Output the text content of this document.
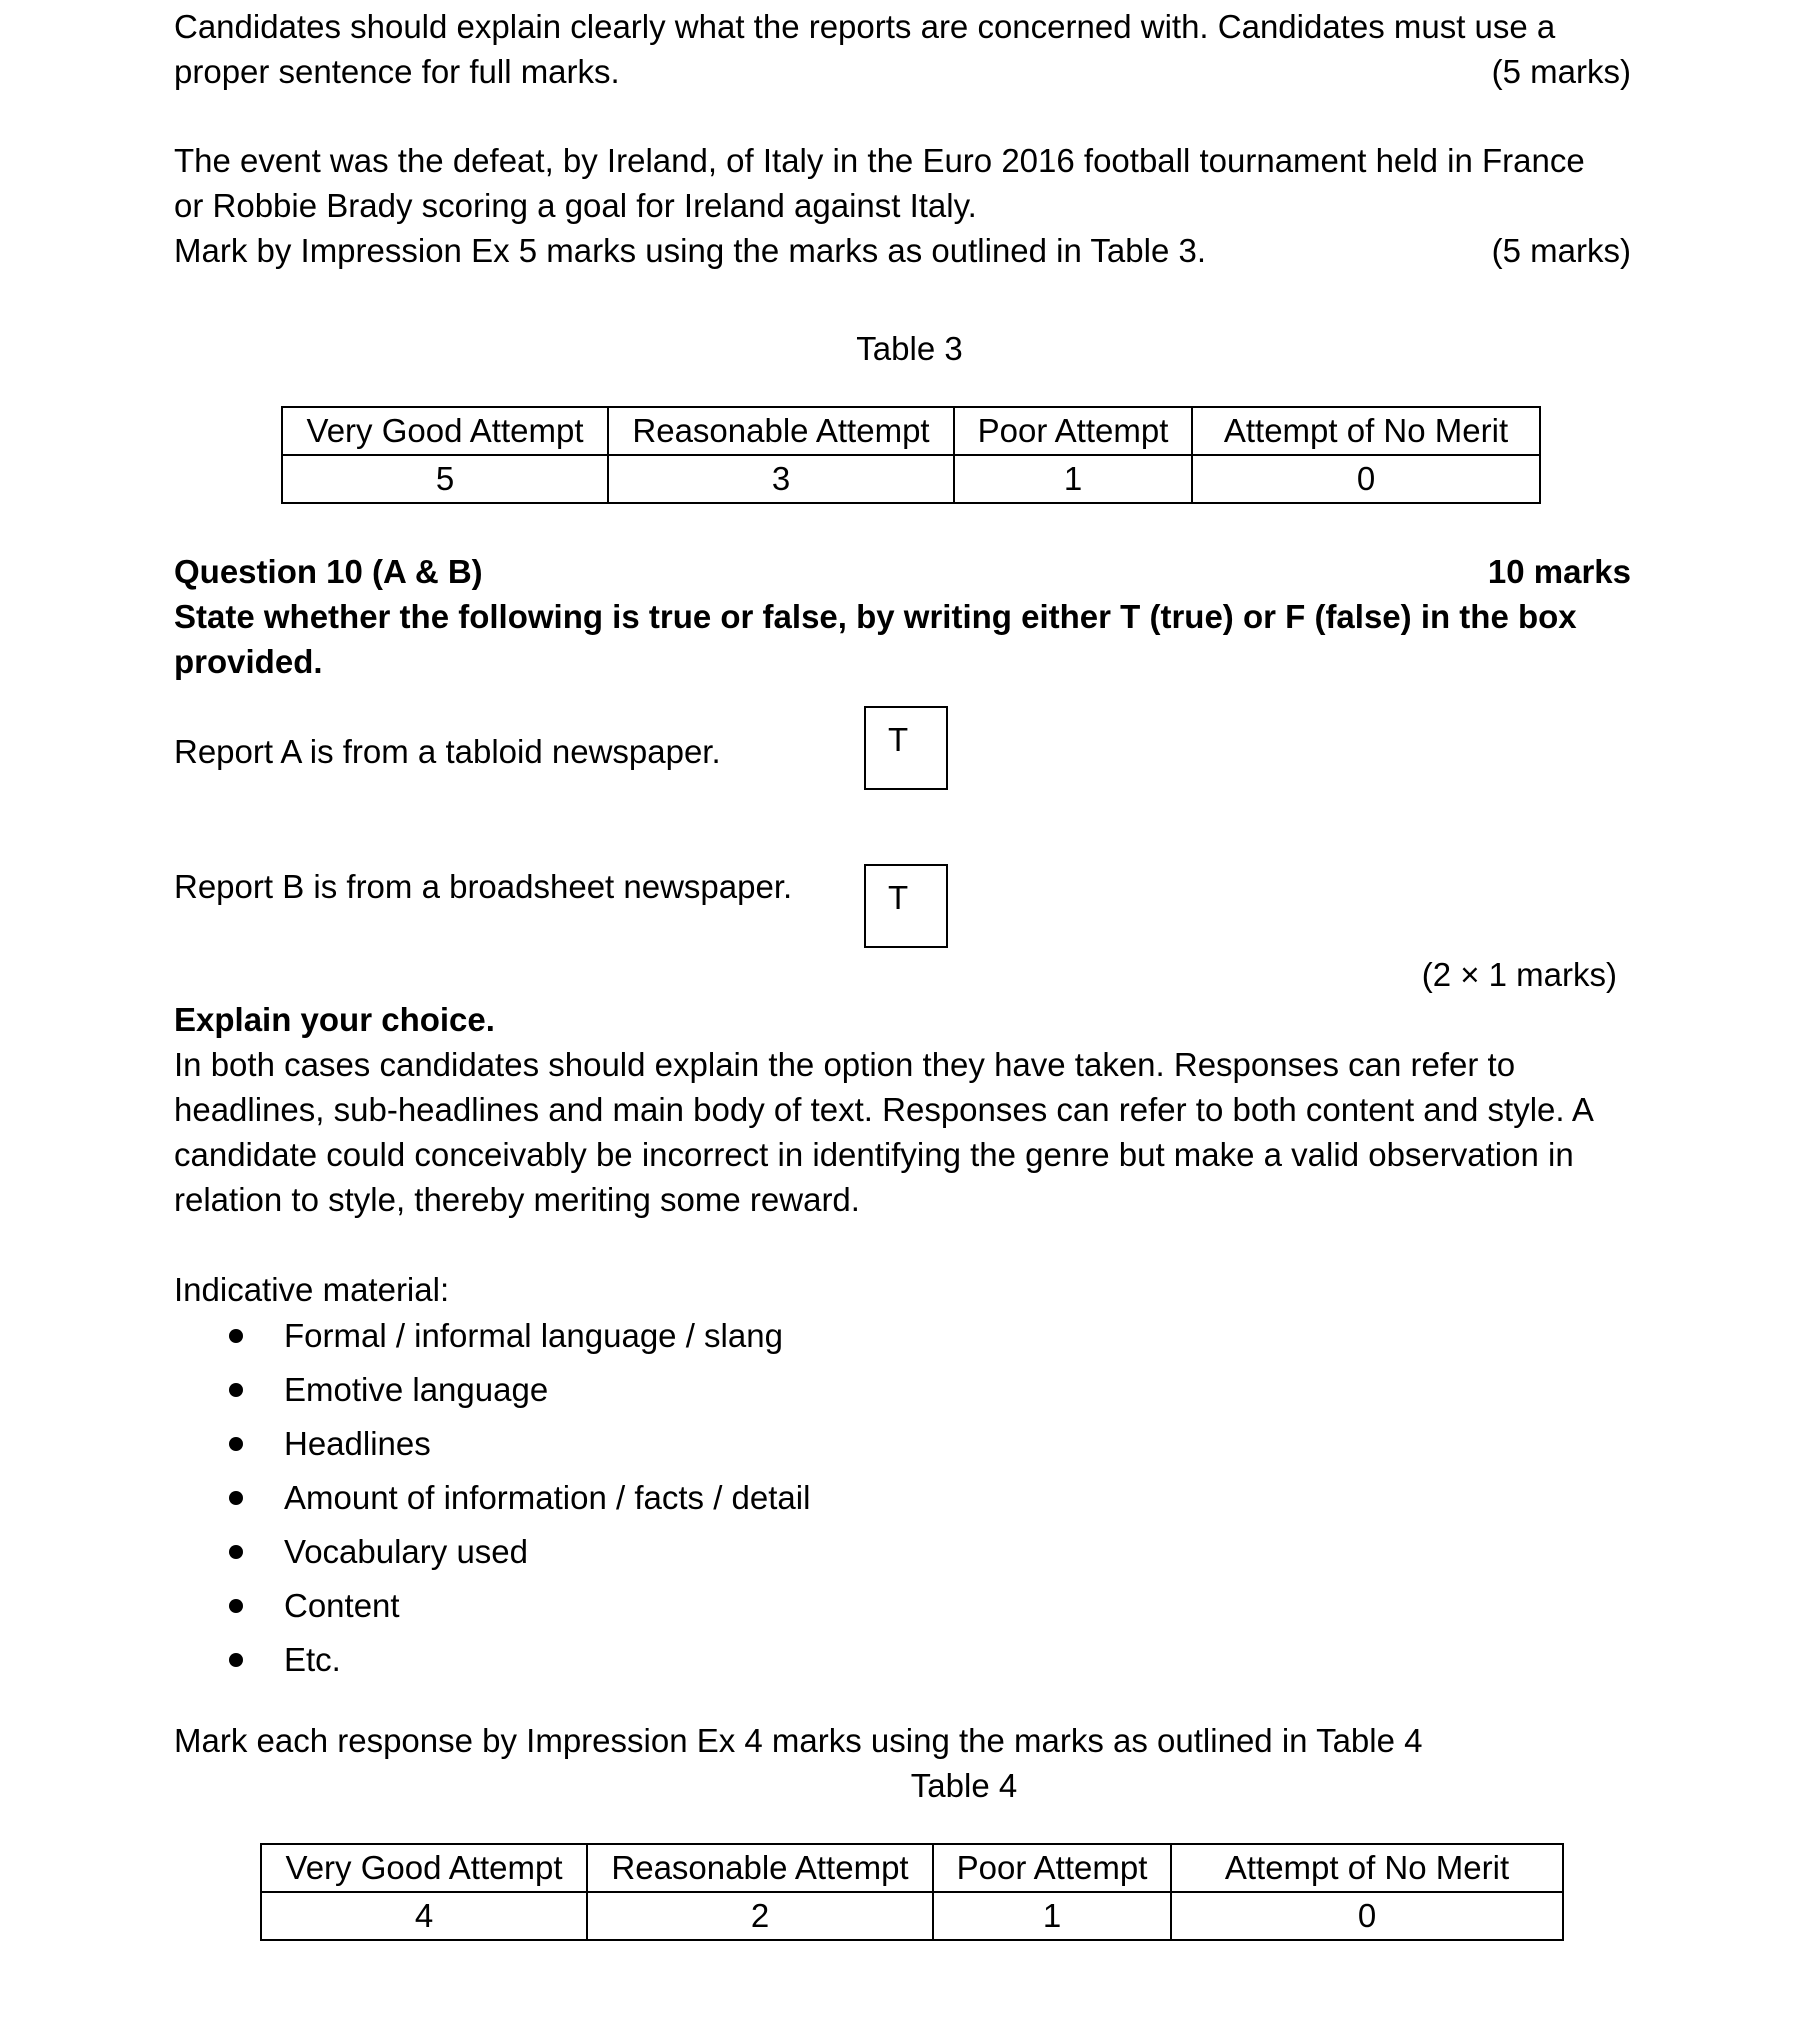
Candidates should explain clearly what the reports are concerned with. Candidates must use a
proper sentence for full marks.	(5 marks)
The event was the defeat, by Ireland, of Italy in the Euro 2016 football tournament held in France
or Robbie Brady scoring a goal for Ireland against Italy.
Mark by Impression Ex 5 marks using the marks as outlined in Table 3.	(5 marks)
Table 3
Very Good Attempt	Reasonable Attempt	Poor Attempt	Attempt of No Merit
5	3	1	0
Question 10 (A & B)	10 marks
State whether the following is true or false, by writing either T (true) or F (false) in the box
provided.
Report A is from a tabloid newspaper.	T
Report B is from a broadsheet newspaper.	T
(2 × 1 marks)
Explain your choice.
In both cases candidates should explain the option they have taken. Responses can refer to
headlines, sub-headlines and main body of text. Responses can refer to both content and style. A
candidate could conceivably be incorrect in identifying the genre but make a valid observation in
relation to style, thereby meriting some reward.
Indicative material:
Formal / informal language / slang
Emotive language
Headlines
Amount of information / facts / detail
Vocabulary used
Content
Etc.
Mark each response by Impression Ex 4 marks using the marks as outlined in Table 4
Table 4
Very Good Attempt	Reasonable Attempt	Poor Attempt	Attempt of No Merit
4	2	1	0
